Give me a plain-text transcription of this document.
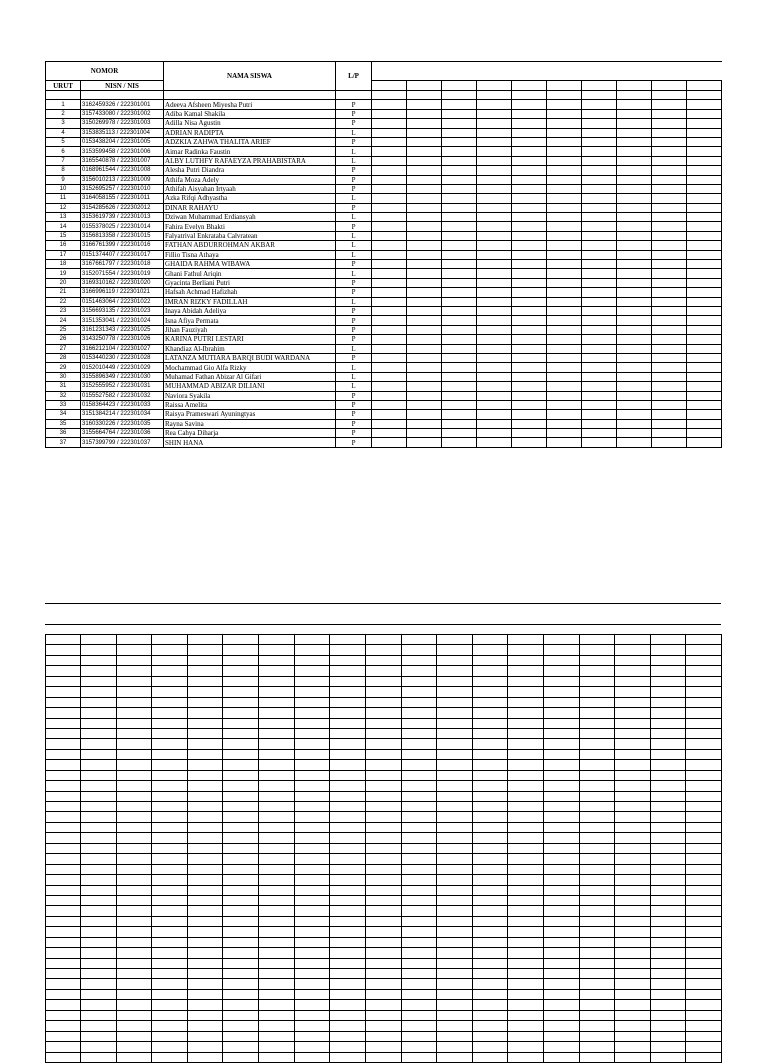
NOMOR		NAMA SISWA	L/P										
URUT	NISN / NIS												

1	3162459326 / 222301001	Adeeva Afsheen Miyesha Putri	P										
2	3157433080 / 222301002	Adiba Kamal Shakila	P										
3	3150269978 / 222301003	Adilla Nisa Agustin	P										
4	3153835113 / 222301004	ADRIAN RADIPTA	L										
5	0153438204 / 222301005	ADZKIA ZAHWA THALITA ARIEF	P										
6	3153599458 / 222301006	Aimar Radinka Faustin	L										
7	3165540878 / 222301007	ALBY LUTHFY RAFAEYZA PRAHABISTARA	L										
8	0168961544 / 222301008	Alesha Putri Diandra	P										
9	3156010213 / 222301009	Athifa Moza Adely	P										
10	3152695257 / 222301010	Athifah Aisyahan Irtyaah	P										
11	3164058155 / 222301011	Azka Rifqi Adhyastha	L										
12	3154285626 / 222302012	DINAR RAHAYU	P										
13	3153619739 / 222301013	Dziwan Muhammad Erdiansyah	L										
14	0155378025 / 222301014	Fahira Evelyn Bhakti	P										
15	3156813358 / 222301015	Falyatrival Enkrataba Calvratean	L										
16	3166761399 / 222301016	FATHAN ABDURROHMAN AKBAR	L										
17	0151374407 / 222301017	Fillio Tisna Athaya	L										
18	3167661797 / 222301018	GHAIDA RAHMA WIBAWA	P										
19	3152071554 / 222301019	Ghani Fathul Ariqin	L										
20	3169310162 / 222301020	Gyacinta Berliani Putri	P										
21	3166996119 / 222301021	Hafsah Achmad Hafizhah	P										
22	0151463064 / 222301022	IMRAN RIZKY FADILLAH	L										
23	3156693135 / 222301023	Inaya Abidah Adeliya	P										
24	3151353041 / 222301024	Isna Afiya Permata	P										
25	3161231343 / 222301025	Jihan Fauziyah	P										
26	3143250778 / 222301026	KARINA PUTRI LESTARI	P										
27	3166212104 / 222301027	Khandiaz Al-Ibrahim	L										
28	0153440230 / 222301028	LATANZA MUTIARA BARQI BUDI WARDANA	P										
29	0152010449 / 222301029	Mochammad Gio Alfa Rizky	L										
30	3155896349 / 222301030	Muhamad Fathan Abizar Al Gifari	L										
31	3152555952 / 222301031	MUHAMMAD ABIZAR DILIANI	L										
32	0155527582 / 222301032	Naviora Syakila	P										
33	0158364423 / 222301033	Raissa Amelita	P										
34	3151384214 / 222301034	Raisya Prameswari Ayuningtyas	P										
35	3160330226 / 222301035	Rayna Savina	P										
36	3155664764 / 222301036	Rea Cahya Diharja	P										
37	3157399799 / 222301037	SHIN HANA	P										
